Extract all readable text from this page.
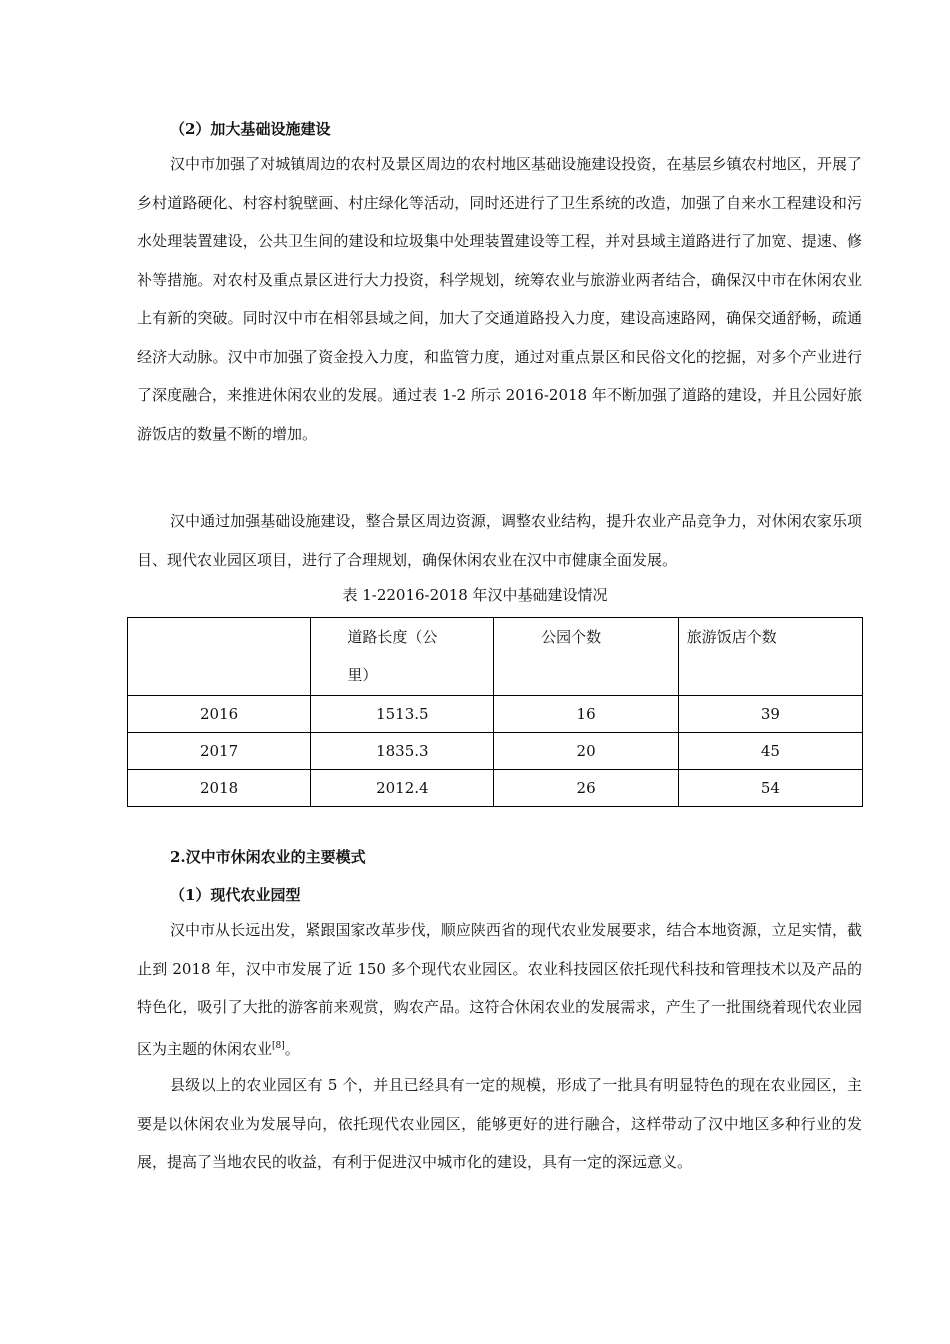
（2）加大基础设施建设

汉中市加强了对城镇周边的农村及景区周边的农村地区基础设施建设投资，在基层乡镇农村地区，开展了乡村道路硬化、村容村貌壁画、村庄绿化等活动，同时还进行了卫生系统的改造，加强了自来水工程建设和污水处理装置建设，公共卫生间的建设和垃圾集中处理装置建设等工程，并对县域主道路进行了加宽、提速、修补等措施。对农村及重点景区进行大力投资，科学规划，统筹农业与旅游业两者结合，确保汉中市在休闲农业上有新的突破。同时汉中市在相邻县域之间，加大了交通道路投入力度，建设高速路网，确保交通舒畅，疏通经济大动脉。汉中市加强了资金投入力度，和监管力度，通过对重点景区和民俗文化的挖掘，对多个产业进行了深度融合，来推进休闲农业的发展。通过表 1-2 所示 2016-2018 年不断加强了道路的建设，并且公园好旅游饭店的数量不断的增加。

汉中通过加强基础设施建设，整合景区周边资源，调整农业结构，提升农业产品竞争力，对休闲农家乐项目、现代农业园区项目，进行了合理规划，确保休闲农业在汉中市健康全面发展。

表 1-22016-2018 年汉中基础建设情况

	道路长度（公里）	公园个数	旅游饭店个数
2016	1513.5	16	39
2017	1835.3	20	45
2018	2012.4	26	54

2.汉中市休闲农业的主要模式

（1）现代农业园型

汉中市从长远出发，紧跟国家改革步伐，顺应陕西省的现代农业发展要求，结合本地资源，立足实情，截止到 2018 年，汉中市发展了近 150 多个现代农业园区。农业科技园区依托现代科技和管理技术以及产品的特色化，吸引了大批的游客前来观赏，购农产品。这符合休闲农业的发展需求，产生了一批围绕着现代农业园区为主题的休闲农业[8]。

县级以上的农业园区有 5 个，并且已经具有一定的规模，形成了一批具有明显特色的现在农业园区，主要是以休闲农业为发展导向，依托现代农业园区，能够更好的进行融合，这样带动了汉中地区多种行业的发展，提高了当地农民的收益，有利于促进汉中城市化的建设，具有一定的深远意义。
